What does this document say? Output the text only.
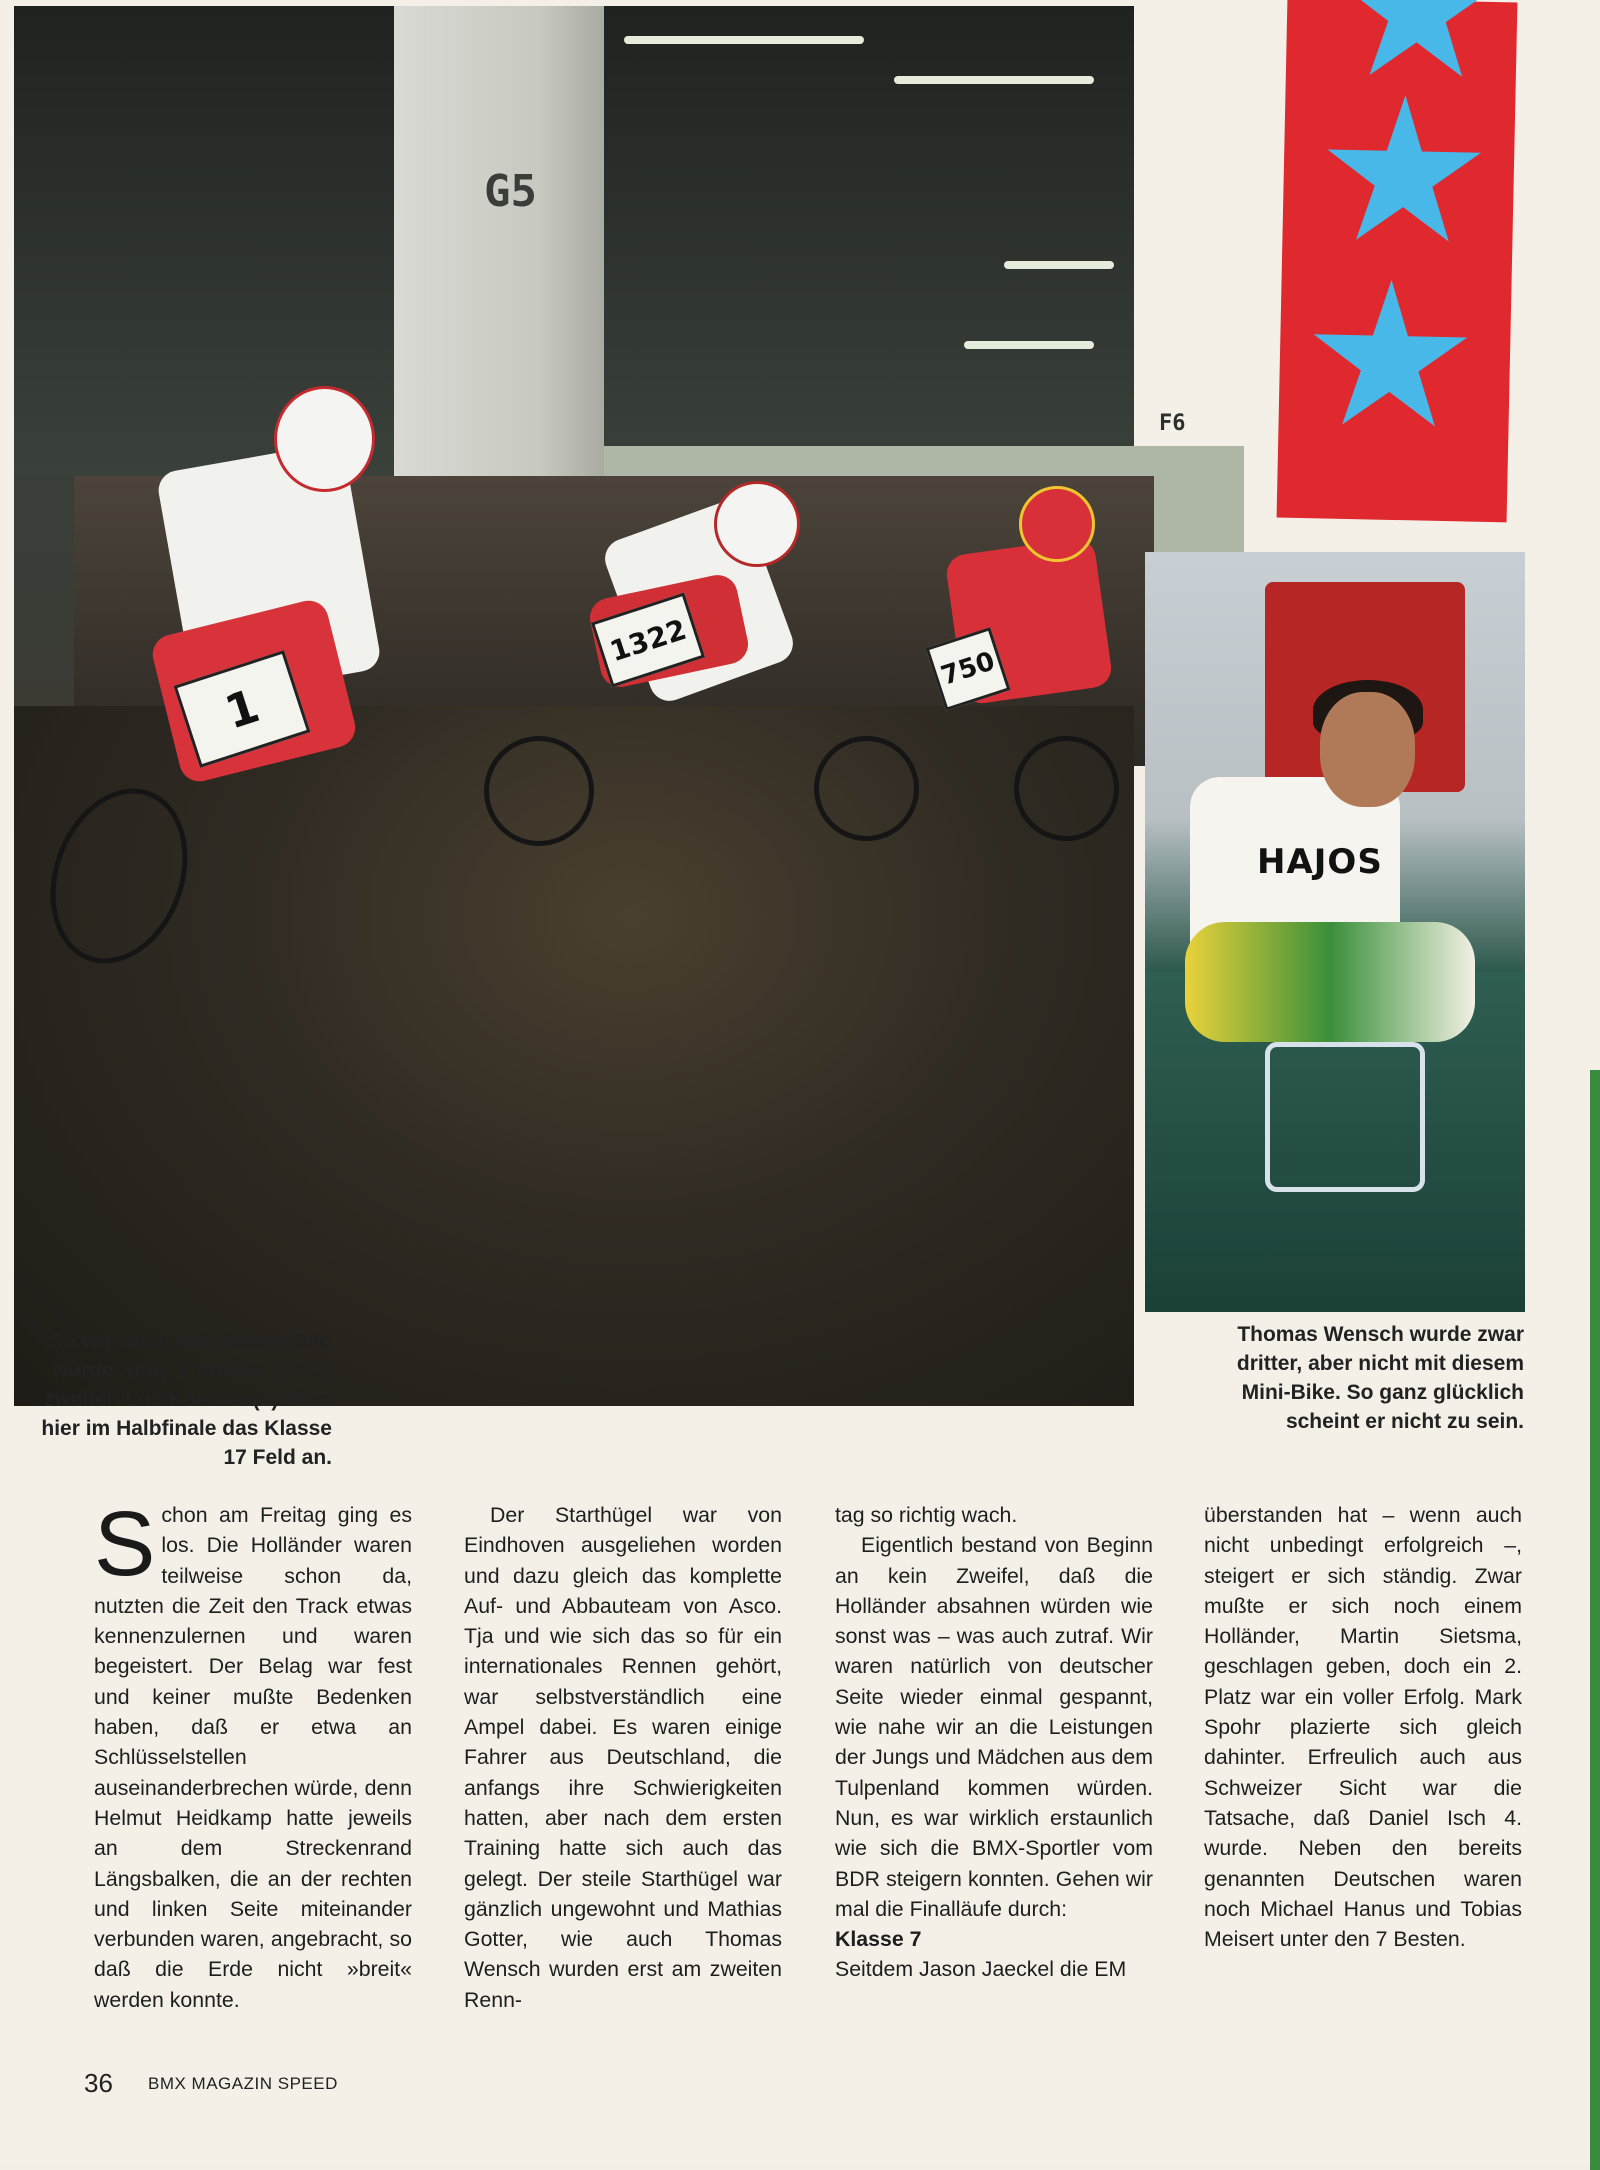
G5
F6
1
1322
750
HAJOS
So wie auch auf diesem Bild wurde Andy Tittmann (1322) zweiter. Luc Koehler (1) führt hier im Halbfinale das Klasse 17 Feld an.
Thomas Wensch wurde zwar dritter, aber nicht mit diesem Mini-Bike. So ganz glücklich scheint er nicht zu sein.

Schon am Freitag ging es los. Die Holländer waren teilweise schon da, nutzten die Zeit den Track etwas kennenzulernen und waren begeistert. Der Belag war fest und keiner mußte Bedenken haben, daß er etwa an Schlüsselstellen auseinanderbrechen würde, denn Helmut Heidkamp hatte jeweils an dem Streckenrand Längsbalken, die an der rechten und linken Seite miteinander verbunden waren, angebracht, so daß die Erde nicht »breit« werden konnte.

Der Starthügel war von Eindhoven ausgeliehen worden und dazu gleich das komplette Auf- und Abbauteam von Asco. Tja und wie sich das so für ein internationales Rennen gehört, war selbstverständlich eine Ampel dabei. Es waren einige Fahrer aus Deutschland, die anfangs ihre Schwierigkeiten hatten, aber nach dem ersten Training hatte sich auch das gelegt. Der steile Starthügel war gänzlich ungewohnt und Mathias Gotter, wie auch Thomas Wensch wurden erst am zweiten Renn-

tag so richtig wach.

Eigentlich bestand von Beginn an kein Zweifel, daß die Holländer absahnen würden wie sonst was – was auch zutraf. Wir waren natürlich von deutscher Seite wieder einmal gespannt, wie nahe wir an die Leistungen der Jungs und Mädchen aus dem Tulpenland kommen würden. Nun, es war wirklich erstaunlich wie sich die BMX-Sportler vom BDR steigern konnten. Gehen wir mal die Finalläufe durch:

Klasse 7

Seitdem Jason Jaeckel die EM

überstanden hat – wenn auch nicht unbedingt erfolgreich –, steigert er sich ständig. Zwar mußte er sich noch einem Holländer, Martin Sietsma, geschlagen geben, doch ein 2. Platz war ein voller Erfolg. Mark Spohr plazierte sich gleich dahinter. Erfreulich auch aus Schweizer Sicht war die Tatsache, daß Daniel Isch 4. wurde. Neben den bereits genannten Deutschen waren noch Michael Hanus und Tobias Meisert unter den 7 Besten.

36 BMX MAGAZIN SPEED
